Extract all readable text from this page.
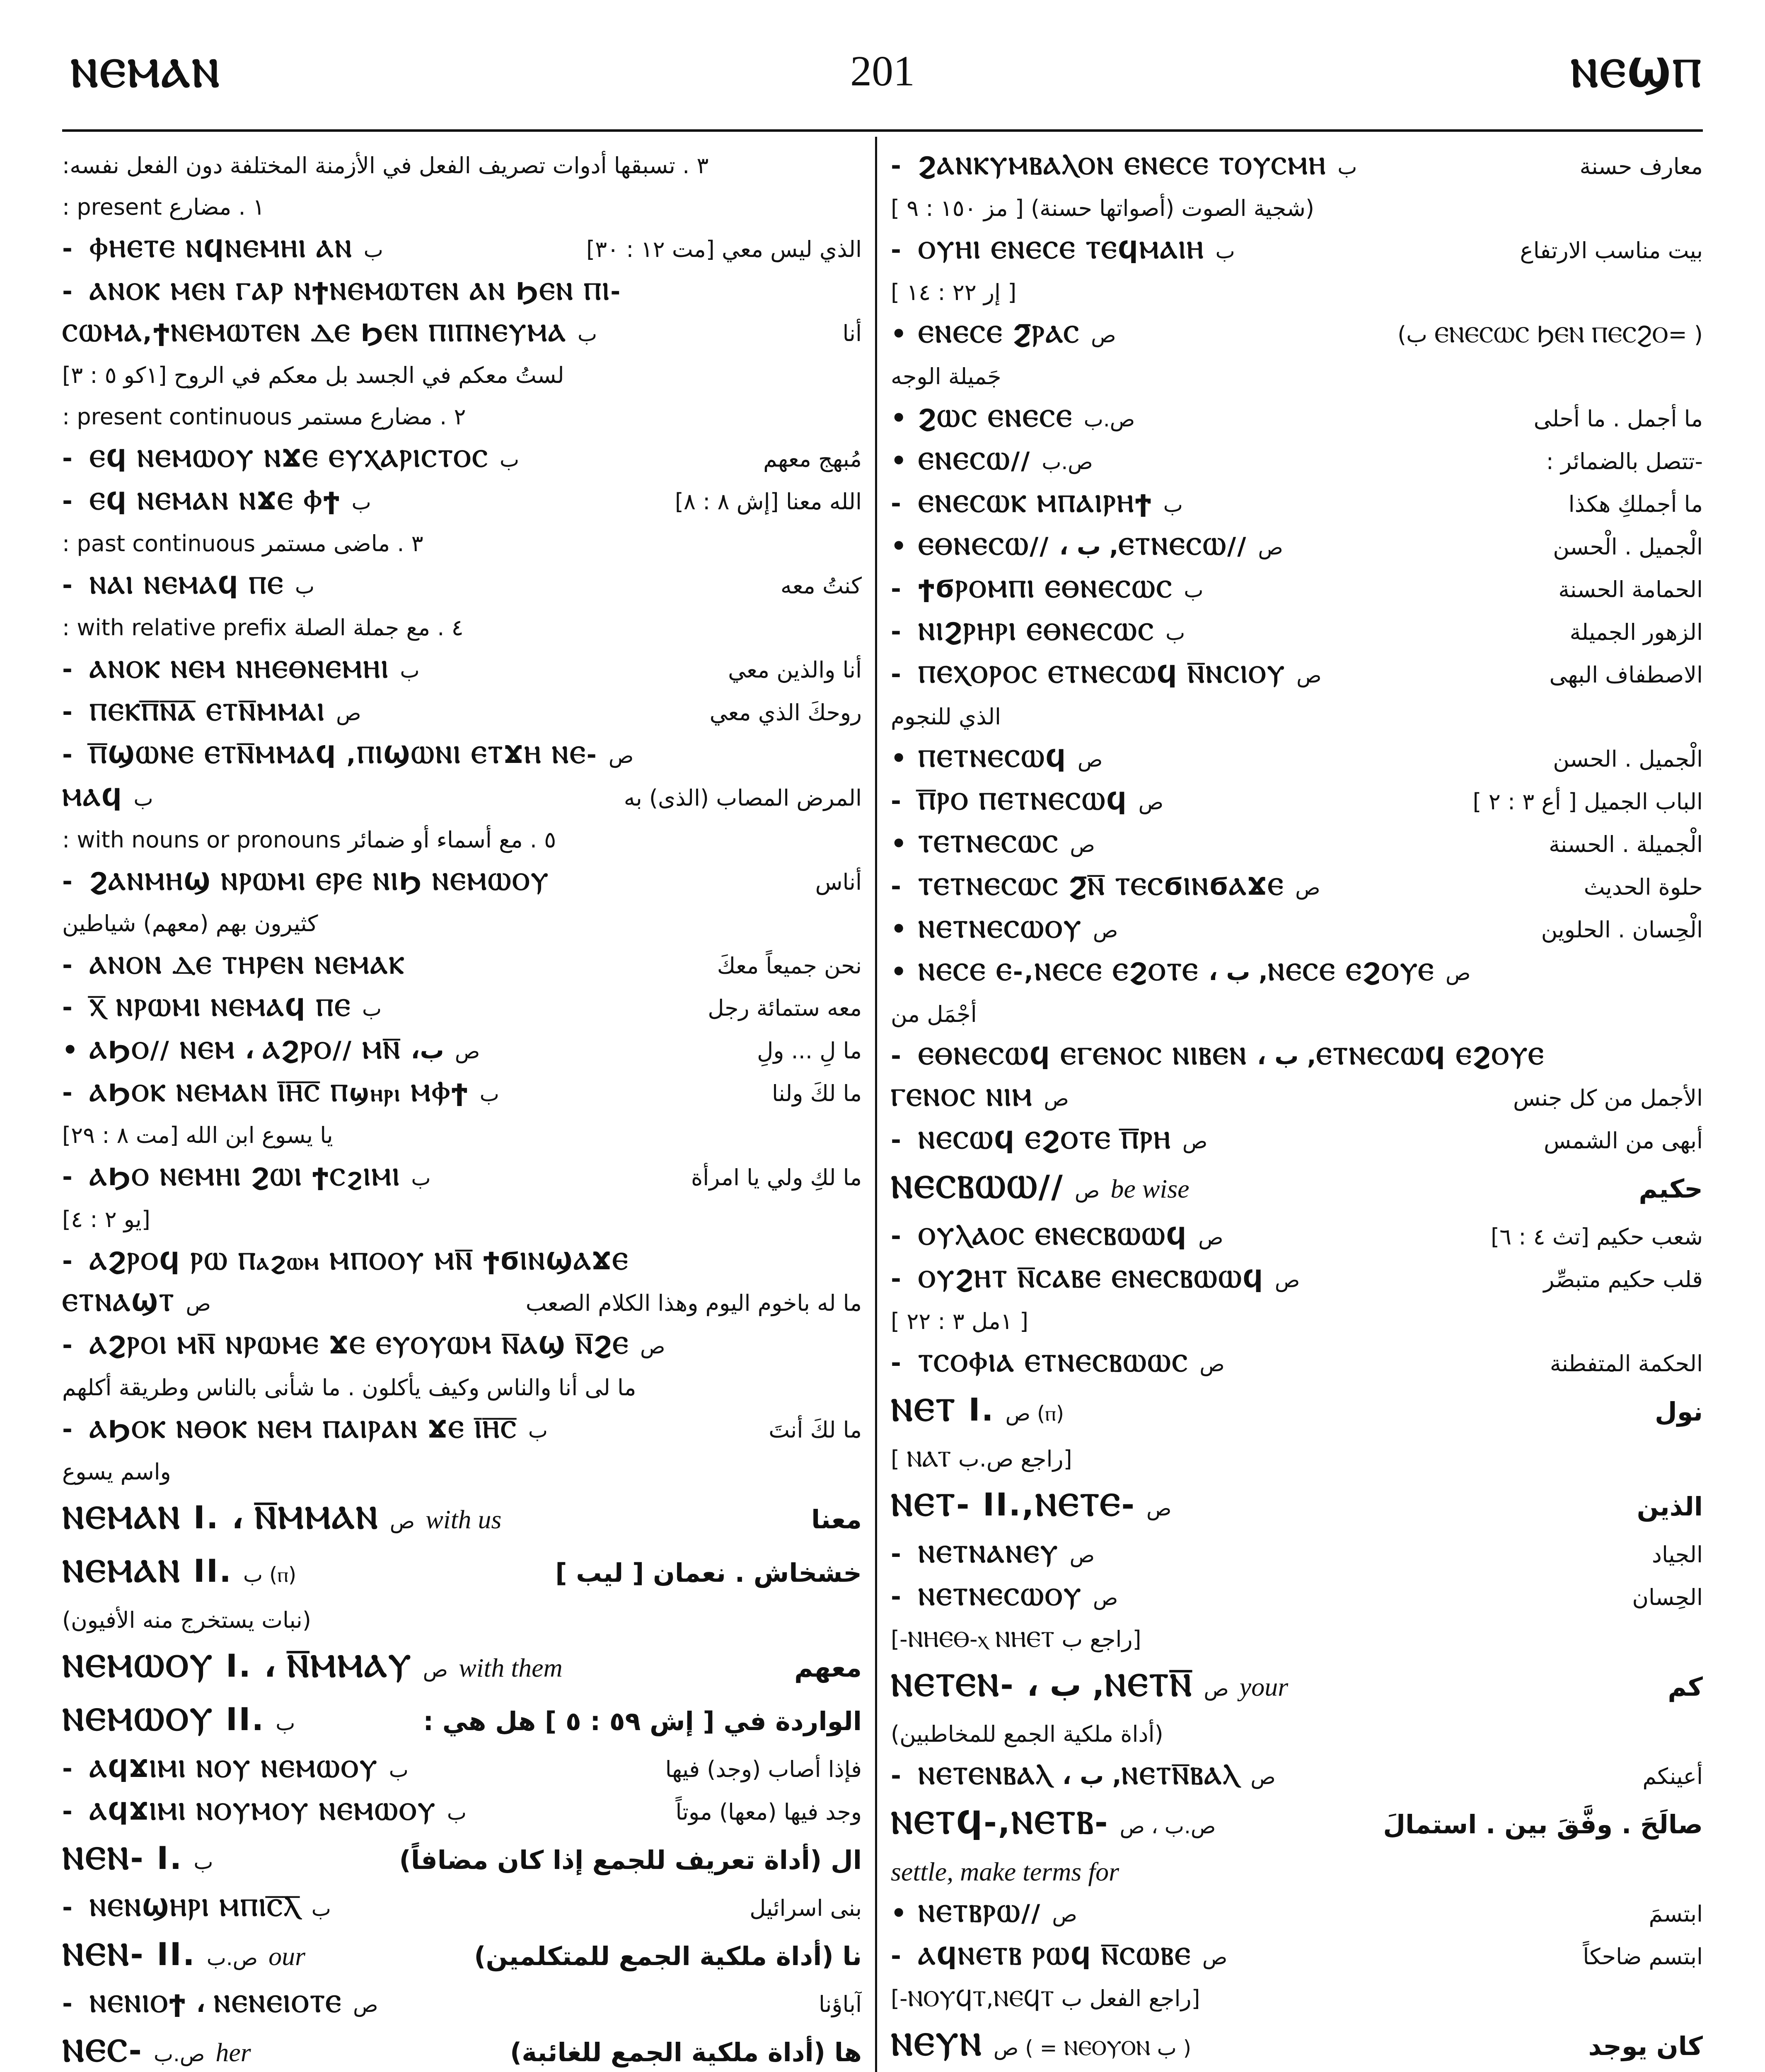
ⲚⲈⲘⲀⲚ	201	ⲚⲈϢⲠ
٣ . تسبقها أدوات تصريف الفعل في الأزمنة المختلفة دون الفعل نفسه:
١ . مضارع present :
- ⲪⲎⲈⲦⲈ ⲚϤⲚⲈⲘⲎⲒ ⲀⲚ ب	الذي ليس معي [مت ١٢ : ٣٠]
- ⲀⲚⲞⲔ ⲘⲈⲚ ⲄⲀⲢ ⲚϮⲚⲈⲘⲰⲦⲈⲚ ⲀⲚ ϦⲈⲚ ⲠⲒ-
ⲤⲰⲘⲀ,ϮⲚⲈⲘⲰⲦⲈⲚ ⲆⲈ ϦⲈⲚ ⲠⲒⲠⲚⲈⲨⲘⲀ ب	أنا
لستُ معكم في الجسد بل معكم في الروح [١كو ٥ : ٣]
٢ . مضارع مستمر present continuous :
- ⲈϤ ⲚⲈⲘⲰⲞⲨ ⲚϪⲈ ⲈⲨⲬⲀⲢⲒⲤⲦⲞⲤ ب	مُبهج معهم
- ⲈϤ ⲚⲈⲘⲀⲚ ⲚϪⲈ ⲪϮ ب	الله معنا [إش ٨ : ٨]
٣ . ماضى مستمر past continuous :
- ⲚⲀⲒ ⲚⲈⲘⲀϤ ⲠⲈ ب	كنتُ معه
٤ . مع جملة الصلة with relative prefix :
- ⲀⲚⲞⲔ ⲚⲈⲘ ⲚⲎⲈⲐⲚⲈⲘⲎⲒ ب	أنا والذين معي
- ⲠⲈⲔⲠ̅Ⲛ̅Ⲁ̅ ⲈⲦⲚ̅ⲘⲘⲀⲒ ص	روحكَ الذي معي
- Ⲡ̅ϢⲰⲚⲈ ⲈⲦⲚ̅ⲘⲘⲀϤ ,ⲠⲒϢⲰⲚⲒ ⲈⲦϪⲎ ⲚⲈ- ص
ⲘⲀϤ ب	المرض المصاب (الذى) به
٥ . مع أسماء أو ضمائر with nouns or pronouns :
- ϨⲀⲚⲘⲎϢ ⲚⲢⲰⲘⲒ ⲈⲢⲈ ⲚⲒϦ ⲚⲈⲘⲰⲞⲨ	أناس
كثيرون بهم (معهم) شياطين
- ⲀⲚⲞⲚ ⲆⲈ ⲦⲎⲢⲈⲚ ⲚⲈⲘⲀⲔ	نحن جميعاً معكَ
- Ⲭ̅ ⲚⲢⲰⲘⲒ ⲚⲈⲘⲀϤ ⲠⲈ ب	معه ستمائة رجل
• ⲀϦⲞ// ⲚⲈⲘ ، ⲀϨⲢⲞ// ⲘⲚ̅ ،ب ص	ما لِ ... ولِ
- ⲀϦⲞⲔ ⲚⲈⲘⲀⲚ Ⲓ̅Ⲏ̅Ⲥ̅ Ⲡϣⲏⲣⲓ ⲘⲪϮ ب	ما لكَ ولنا
يا يسوع ابن الله [مت ٨ : ٢٩]
- ⲀϦⲞ ⲚⲈⲘⲎⲒ ϨⲰⲒ ϮⲤϩⲒⲘⲒ ب	ما لكِ ولي يا امرأة
[يو ٢ : ٤]
- ⲀϨⲢⲞϤ ⲢⲰ Ⲡⲁϩⲱⲙ ⲘⲠⲞⲞⲨ ⲘⲚ̅ ϮϬⲒⲚϢⲀϪⲈ
ⲈⲦⲚⲀϢⲦ ص	ما له باخوم اليوم وهذا الكلام الصعب
- ⲀϨⲢⲞⲒ ⲘⲚ̅ ⲚⲢⲰⲘⲈ ϪⲈ ⲈⲨⲞⲨⲰⲘ Ⲛ̅ⲀϢ Ⲛ̅ϨⲈ ص
ما لى أنا والناس وكيف يأكلون . ما شأنى بالناس وطريقة أكلهم
- ⲀϦⲞⲔ ⲚⲐⲞⲔ ⲚⲈⲘ ⲠⲀⲒⲢⲀⲚ ϪⲈ Ⲓ̅Ⲏ̅Ⲥ̅ ب	ما لكَ أنتَ
واسم يسوع
ⲚⲈⲘⲀⲚ I. ، Ⲛ̅ⲘⲘⲀⲚ ص with us	معنا
ⲚⲈⲘⲀⲚ II. ب (ⲡ)	خشخاش . نعمان [ ليب ]
(نبات يستخرج منه الأفيون)
ⲚⲈⲘⲰⲞⲨ I. ، Ⲛ̅ⲘⲘⲀⲨ ص with them	معهم
ⲚⲈⲘⲰⲞⲨ II. ب	الواردة في [ إش ٥٩ : ٥ ] هل هي :
- ⲀϤϪⲒⲘⲒ ⲚⲞⲨ ⲚⲈⲘⲰⲞⲨ ب	فإذا أصاب (وجد) فيها
- ⲀϤϪⲒⲘⲒ ⲚⲞⲨⲘⲞⲨ ⲚⲈⲘⲰⲞⲨ ب	وجد فيها (معها) موتاً
ⲚⲈⲚ- I. ب	ال (أداة تعريف للجمع إذا كان مضافاً)
- ⲚⲈⲚϢⲎⲢⲒ ⲘⲠⲒⲤ̅Ⲗ̅ ب	بنى اسرائيل
ⲚⲈⲚ- II. ص.ب our	نا (أداة ملكية الجمع للمتكلمين)
- ⲚⲈⲚⲒⲞϮ ، ⲚⲈⲚⲈⲒⲞⲦⲈ ص	آباؤنا
ⲚⲈⲤ- ص.ب her	ها (أداة ملكية الجمع للغائبة)
- ϨⲀⲚⲔⲨⲘⲂⲀⲖⲞⲚ ⲈⲚⲈⲤⲈ ⲦⲞⲨⲤⲘⲎ ب	معارف حسنة
(شجية الصوت (أصواتها حسنة) [ مز ١٥٠ : ٩ ]
- ⲞⲨⲎⲒ ⲈⲚⲈⲤⲈ ⲦⲈϤⲘⲀⲒⲎ ب	بيت مناسب الارتفاع
[ إر ٢٢ : ١٤ ]
• ⲈⲚⲈⲤⲈ Ϩ̅ⲢⲀⲤ ص	( =ⲈⲚⲈⲤⲰⲤ ϦⲈⲚ ⲠⲈⲤϨⲞ ب)
جَميلة الوجه
• ϨⲰⲤ ⲈⲚⲈⲤⲈ ص.ب	ما أجمل . ما أحلى
• ⲈⲚⲈⲤⲰ// ص.ب	-تتصل بالضمائر :
- ⲈⲚⲈⲤⲰⲔ ⲘⲠⲀⲒⲢⲎϮ ب	ما أجملكِ هكذا
• ⲈⲐⲚⲈⲤⲰ// ، ب ,ⲈⲦⲚⲈⲤⲰ// ص	الْجميل . الْحسن
- ϮϬⲢⲞⲘⲠⲒ ⲈⲐⲚⲈⲤⲰⲤ ب	الحمامة الحسنة
- ⲚⲒϨⲢⲎⲢⲒ ⲈⲐⲚⲈⲤⲰⲤ ب	الزهور الجميلة
- ⲠⲈⲬⲞⲢⲞⲤ ⲈⲦⲚⲈⲤⲰϤ Ⲛ̅ⲚⲤⲒⲞⲨ ص	الاصطفاف البهى
الذي للنجوم
• ⲠⲈⲦⲚⲈⲤⲰϤ ص	الْجميل . الحسن
- Ⲡ̅ⲢⲞ ⲠⲈⲦⲚⲈⲤⲰϤ ص	الباب الجميل [ أع ٣ : ٢ ]
• ⲦⲈⲦⲚⲈⲤⲰⲤ ص	الْجميلة . الحسنة
- ⲦⲈⲦⲚⲈⲤⲰⲤ Ϩ̅Ⲛ̅ ⲦⲈⲤϬⲒⲚϬⲀϪⲈ ص	حلوة الحديث
• ⲚⲈⲦⲚⲈⲤⲰⲞⲨ ص	الْحِسان . الحلوين
• ⲚⲈⲤⲈ Ⲉ-,ⲚⲈⲤⲈ ⲈϨⲞⲦⲈ ، ب ,ⲚⲈⲤⲈ ⲈϨⲞⲨⲈ ص
أجْمَل من
- ⲈⲐⲚⲈⲤⲰϤ ⲈⲄⲈⲚⲞⲤ ⲚⲒⲂⲈⲚ ، ب ,ⲈⲦⲚⲈⲤⲰϤ ⲈϨⲞⲨⲈ
ⲄⲈⲚⲞⲤ ⲚⲒⲘ ص	الأجمل من كل جنس
- ⲚⲈⲤⲰϤ ⲈϨⲞⲦⲈ Ⲡ̅ⲢⲎ ص	أبهى من الشمس
ⲚⲈⲤⲂⲰⲰ// ص be wise	حكيم
- ⲞⲨⲖⲀⲞⲤ ⲈⲚⲈⲤⲂⲰⲰϤ ص	شعب حكيم [تث ٤ : ٦]
- ⲞⲨϨⲎⲦ Ⲛ̅ⲤⲀⲂⲈ ⲈⲚⲈⲤⲂⲰⲰϤ ص	قلب حكيم متبصِّر
[ ١مل ٣ : ٢٢ ]
- ⲦⲤⲞⲪⲒⲀ ⲈⲦⲚⲈⲤⲂⲰⲰⲤ ص	الحكمة المتفطنة
ⲚⲈⲦ I. ص (ⲡ)	نول
[راجع ص.ب ⲚⲀⲦ ]
ⲚⲈⲦ- II.,ⲚⲈⲦⲈ- ص	الذين
- ⲚⲈⲦⲚⲀⲚⲈⲨ ص	الجياد
- ⲚⲈⲦⲚⲈⲤⲰⲞⲨ ص	الحِسان
[راجع ب ⲚⲎⲈⲐ-ⲭ ⲚⲎⲈⲦ-]
ⲚⲈⲦⲈⲚ- ، ب ,ⲚⲈⲦⲚ̅ ص your	كم
(أداة ملكية الجمع للمخاطبين)
- ⲚⲈⲦⲈⲚⲂⲀⲖ ، ب ,ⲚⲈⲦⲚ̅ⲂⲀⲖ ص	أعينكم
ⲚⲈⲦϤ-,ⲚⲈⲦⲂ- ص.ب ، ص	صالَحَ . وفَّقَ بين . استمالَ
settle, make terms for
• ⲚⲈⲦⲂⲢⲰ// ص	ابتسمَ
- ⲀϤⲚⲈⲦⲂ ⲢⲰϤ Ⲛ̅ⲤⲰⲂⲈ ص	ابتسم ضاحكاً
[راجع الفعل ب ⲚⲞⲨϤⲦ,ⲚⲈϤⲦ-]
ⲚⲈⲨⲚ ص ( = ⲚⲈⲞⲨⲞⲚ ب )	كان يوجد
